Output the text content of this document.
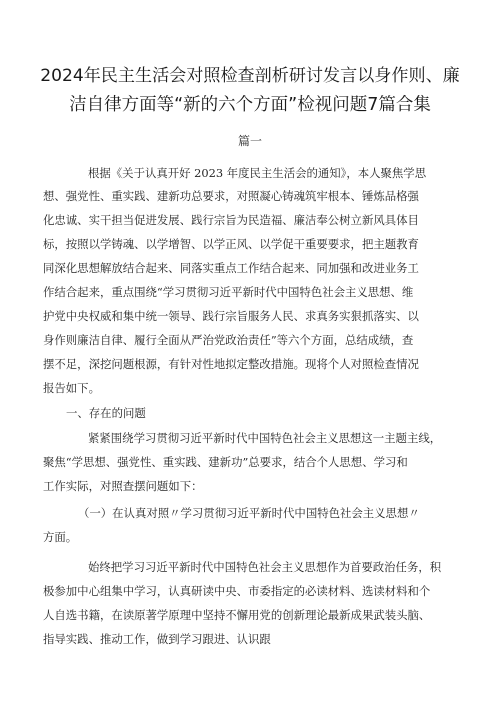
2024年民主生活会对照检查剖析研讨发言以身作则、廉
洁自律方面等“新的六个方面”检视问题7篇合集
篇一
根据《关于认真开好 2023 年度民主生活会的通知》，本人聚焦学思
想、强党性、重实践、建新功总要求，对照凝心铸魂筑牢根本、锤炼品格强
化忠诚、实干担当促进发展、践行宗旨为民造福、廉洁奉公树立新风具体目
标，按照以学铸魂、以学增智、以学正风、以学促干重要要求，把主题教育
同深化思想解放结合起来、同落实重点工作结合起来、同加强和改进业务工
作结合起来，重点围绕“学习贯彻习近平新时代中国特色社会主义思想、维
护党中央权威和集中统一领导、践行宗旨服务人民、求真务实狠抓落实、以
身作则廉洁自律、履行全面从严治党政治责任”等六个方面，总结成绩，查
摆不足，深挖问题根源，有针对性地拟定整改措施。现将个人对照检查情况
报告如下。
一、存在的问题
紧紧围绕学习贯彻习近平新时代中国特色社会主义思想这一主题主线，
聚焦“学思想、强党性、重实践、建新功”总要求，结合个人思想、学习和
工作实际，对照查摆问题如下：
（一）在认真对照〃学习贯彻习近平新时代中国特色社会主义思想〃
方面。
始终把学习习近平新时代中国特色社会主义思想作为首要政治任务，积
极参加中心组集中学习，认真研读中央、市委指定的必读材料、选读材料和个
人自选书籍，在读原著学原理中坚持不懈用党的创新理论最新成果武装头脑、
指导实践、推动工作，做到学习跟进、认识跟
